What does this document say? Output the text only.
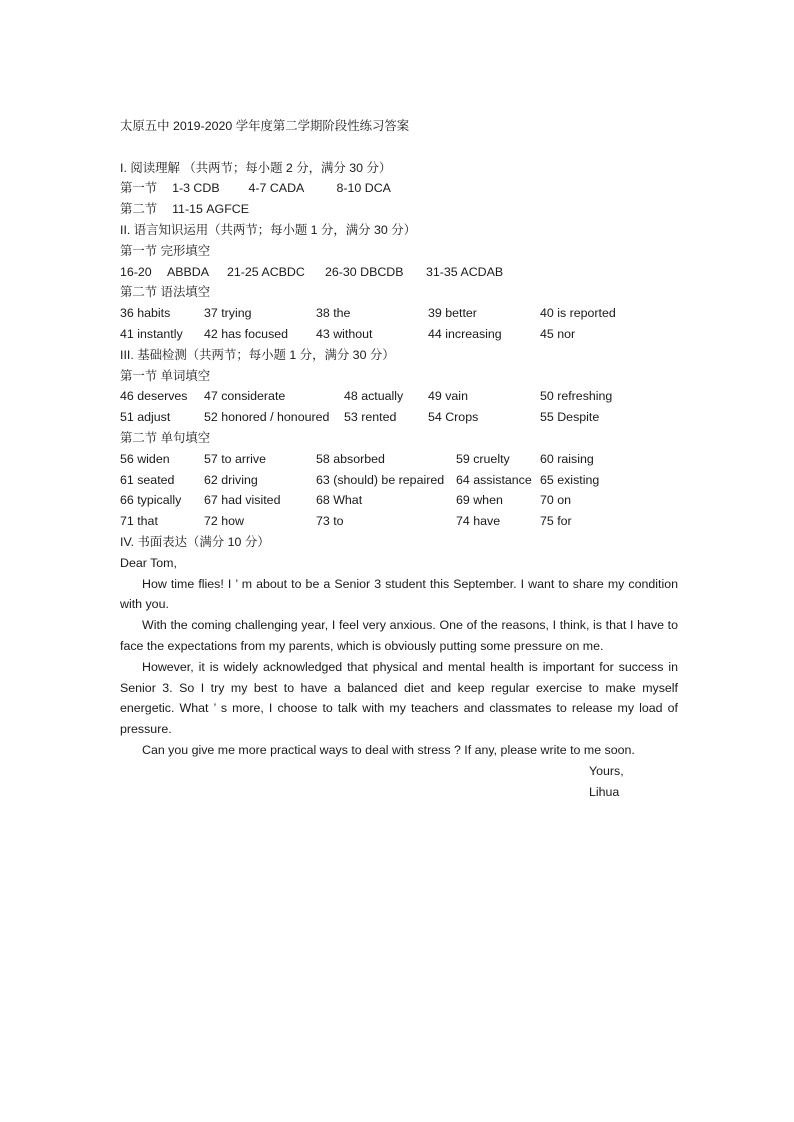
太原五中 2019-2020 学年度第二学期阶段性练习答案
I. 阅读理解 （共两节；每小题 2 分，满分 30 分）
第一节 1-3 CDB 4-7 CADA	8-10 DCA
第二节 11-15 AGFCE
II. 语言知识运用（共两节；每小题 1 分，满分 30 分）
第一节 完形填空
16-20 ABBDA 21-25 ACBDC 26-30 DBCDB 31-35 ACDAB
第二节 语法填空
36 habits	37 trying	38 the	39 better	40 is reported
41 instantly	42 has focused	43 without	44 increasing	45 nor
III. 基础检测（共两节；每小题 1 分，满分 30 分）
第一节 单词填空
46 deserves	47 considerate	48 actually	49 vain	50 refreshing
51 adjust	52 honored / honoured	53 rented	54 Crops	55 Despite
第二节 单句填空
56 widen	57 to arrive	58 absorbed	59 cruelty	60 raising
61 seated	62 driving	63 (should) be repaired 64 assistance 65 existing
66 typically	67 had visited	68 What	69 when	70 on
71 that	72 how	73 to	74 have	75 for
IV. 书面表达（满分 10 分）
Dear Tom,
How time flies! I ’ m about to be a Senior 3 student this September. I want to share my condition with you.
With the coming challenging year, I feel very anxious. One of the reasons, I think, is that I have to face the expectations from my parents, which is obviously putting some pressure on me.
However, it is widely acknowledged that physical and mental health is important for success in Senior 3. So I try my best to have a balanced diet and keep regular exercise to make myself energetic. What ’ s more, I choose to talk with my teachers and classmates to release my load of pressure.
Can you give me more practical ways to deal with stress ? If any, please write to me soon.
Yours,
Lihua
